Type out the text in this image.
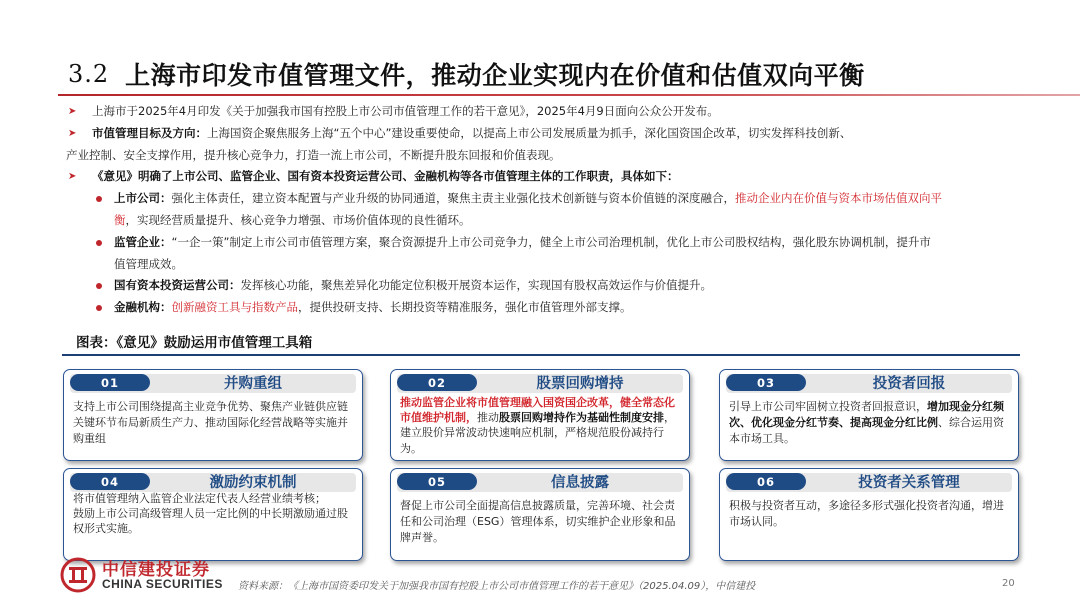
3.2 上海市印发市值管理文件，推动企业实现内在价值和估值双向平衡
➤ 上海市于2025年4月印发《关于加强我市国有控股上市公司市值管理工作的若干意见》，2025年4月9日面向公众公开发布。
➤ 市值管理目标及方向：上海国资企聚焦服务上海“五个中心”建设重要使命，以提高上市公司发展质量为抓手，深化国资国企改革，切实发挥科技创新、
产业控制、安全支撑作用，提升核心竞争力，打造一流上市公司，不断提升股东回报和价值表现。
➤ 《意见》明确了上市公司、监管企业、国有资本投资运营公司、金融机构等各市值管理主体的工作职责，具体如下：
上市公司：强化主体责任，建立资本配置与产业升级的协同通道，聚焦主责主业强化技术创新链与资本价值链的深度融合，推动企业内在价值与资本市场估值双向平
衡，实现经营质量提升、核心竞争力增强、市场价值体现的良性循环。
监管企业：“一企一策”制定上市公司市值管理方案，聚合资源提升上市公司竞争力，健全上市公司治理机制，优化上市公司股权结构，强化股东协调机制，提升市
值管理成效。
国有资本投资运营公司：发挥核心功能，聚焦差异化功能定位积极开展资本运作，实现国有股权高效运作与价值提升。
金融机构：创新融资工具与指数产品，提供投研支持、长期投资等精准服务，强化市值管理外部支撑。
图表：《意见》鼓励运用市值管理工具箱
01	并购重组
支持上市公司围绕提高主业竞争优势、聚焦产业链供应链关键环节布局新质生产力、推动国际化经营战略等实施并购重组
02	股票回购增持
推动监管企业将市值管理融入国资国企改革，健全常态化市值维护机制，推动股票回购增持作为基础性制度安排，建立股价异常波动快速响应机制，严格规范股份减持行为。
03	投资者回报
引导上市公司牢固树立投资者回报意识，增加现金分红频次、优化现金分红节奏、提高现金分红比例、综合运用资本市场工具。
04	激励约束机制
将市值管理纳入监管企业法定代表人经营业绩考核；
鼓励上市公司高级管理人员一定比例的中长期激励通过股权形式实施。
05	信息披露
督促上市公司全面提高信息披露质量，完善环境、社会责任和公司治理（ESG）管理体系，切实维护企业形象和品牌声誉。
06	投资者关系管理
积极与投资者互动，多途径多形式强化投资者沟通，增进市场认同。
中信建投证券
CHINA SECURITIES 资料来源：《上海市国资委印发关于加强我市国有控股上市公司市值管理工作的若干意见》（2025.04.09），中信建投	20
